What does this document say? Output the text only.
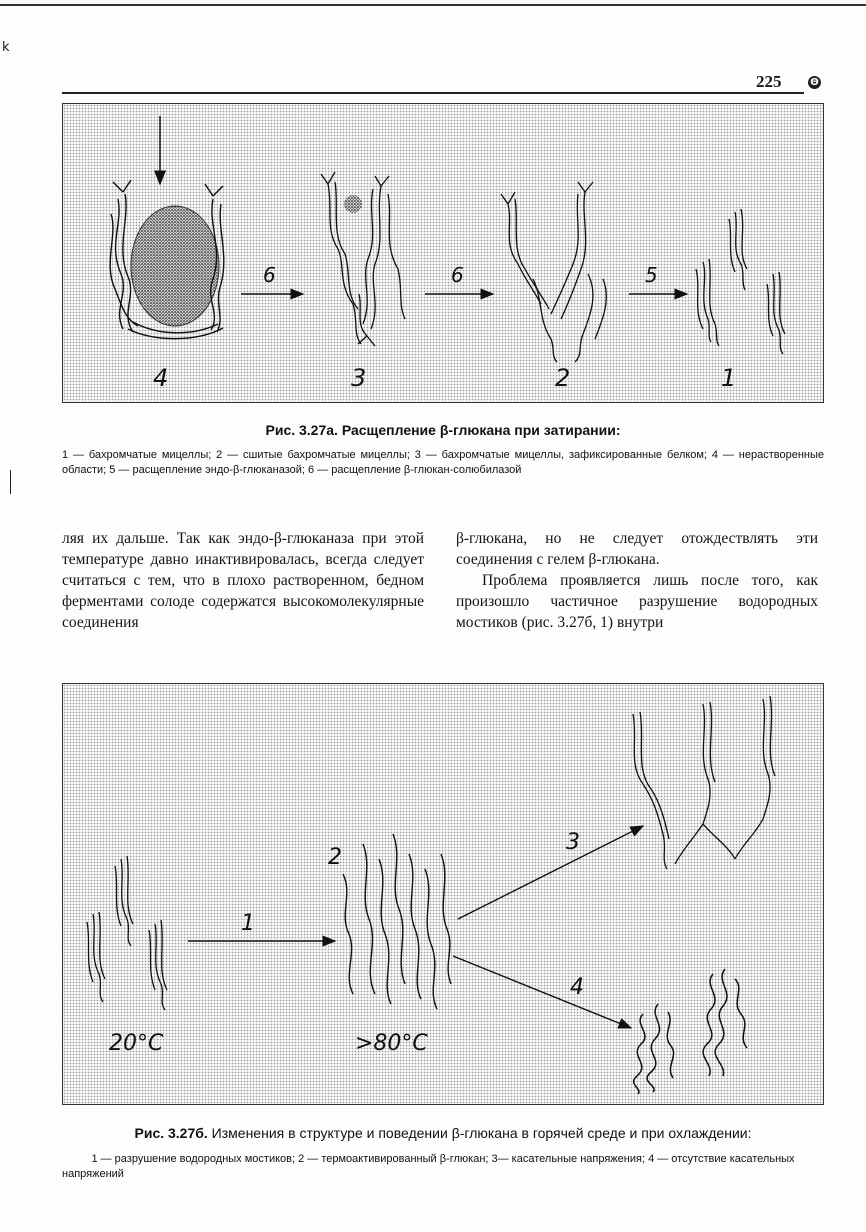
k
225	Θ
6	6	5
4	3	2	1
Рис. 3.27а. Расщепление β-глюкана при затирании:
1 — бахромчатые мицеллы; 2 — сшитые бахромчатые мицеллы; 3 — бахромчатые мицеллы, зафиксированные белком; 4 — нерастворенные области; 5 — расщепление эндо-β-глюканазой; 6 — расщепление β-глюкан-солюбилазой

ляя их дальше. Так как эндо-β-глюканаза при этой температуре давно инактивировалась, всегда следует считаться с тем, что в плохо растворенном, бедном ферментами солоде содержатся высокомолекулярные соединения

β-глюкана, но не следует отождествлять эти соединения с гелем β-глюкана.

Проблема проявляется лишь после того, как произошло частичное разрушение водородных мостиков (рис. 3.27б, 1) внутри

1
2
3
4
20°C	>80°C
Рис. 3.27б. Изменения в структуре и поведении β-глюкана в горячей среде и при охлаждении:
1 — разрушение водородных мостиков; 2 — термоактивированный β-глюкан; 3— касательные напряжения; 4 — отсутствие касательных напряжений
